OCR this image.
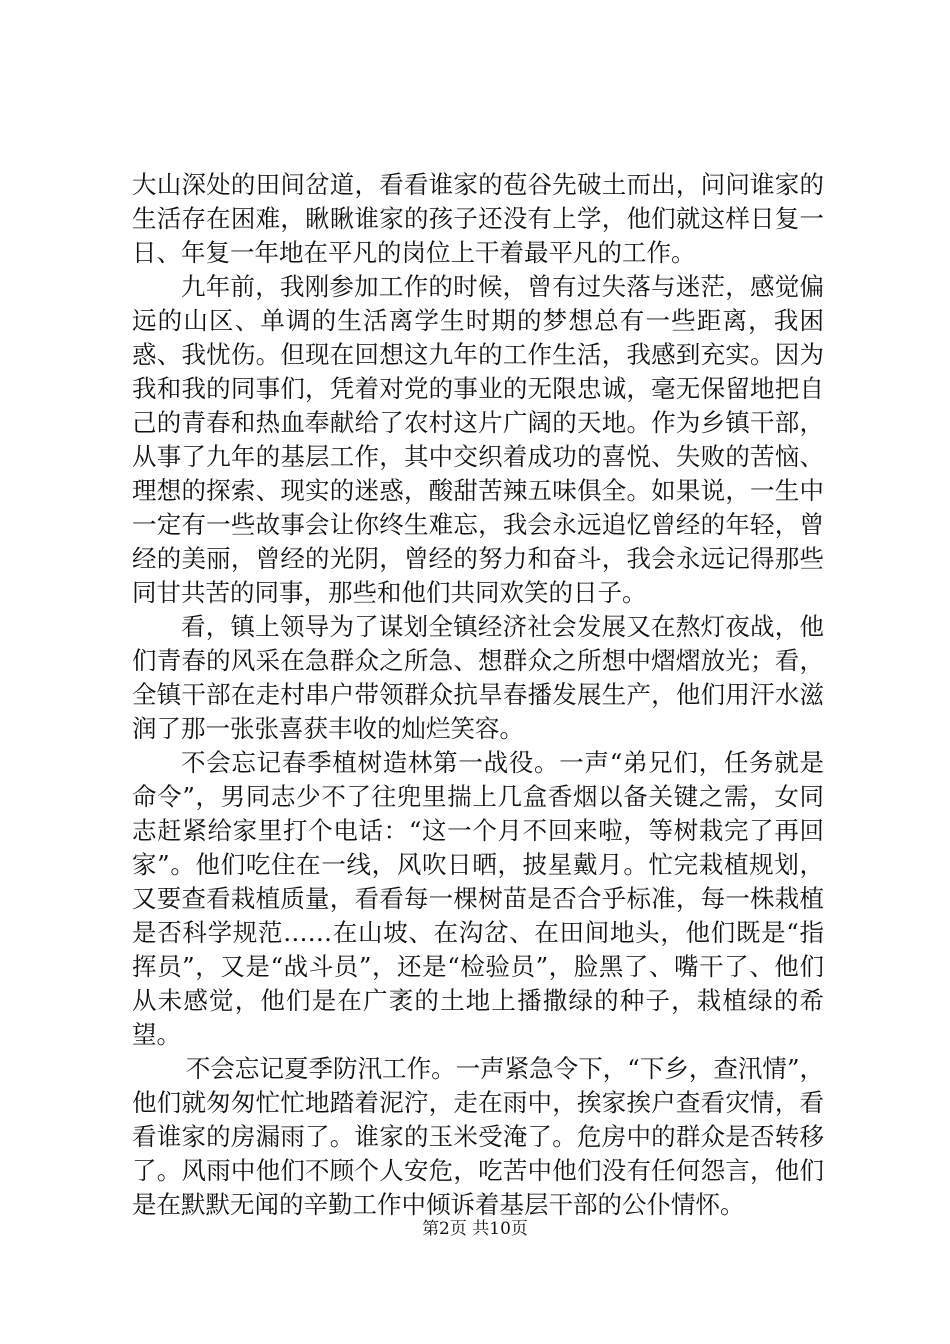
大山深处的田间岔道，看看谁家的苞谷先破土而出，问问谁家的生活存在困难，瞅瞅谁家的孩子还没有上学，他们就这样日复一日、年复一年地在平凡的岗位上干着最平凡的工作。

九年前，我刚参加工作的时候，曾有过失落与迷茫，感觉偏远的山区、单调的生活离学生时期的梦想总有一些距离，我困惑、我忧伤。但现在回想这九年的工作生活，我感到充实。因为我和我的同事们，凭着对党的事业的无限忠诚，毫无保留地把自己的青春和热血奉献给了农村这片广阔的天地。作为乡镇干部，从事了九年的基层工作，其中交织着成功的喜悦、失败的苦恼、理想的探索、现实的迷惑，酸甜苦辣五味俱全。如果说，一生中一定有一些故事会让你终生难忘，我会永远追忆曾经的年轻，曾经的美丽，曾经的光阴，曾经的努力和奋斗，我会永远记得那些同甘共苦的同事，那些和他们共同欢笑的日子。

看，镇上领导为了谋划全镇经济社会发展又在熬灯夜战，他们青春的风采在急群众之所急、想群众之所想中熠熠放光；看，全镇干部在走村串户带领群众抗旱春播发展生产，他们用汗水滋润了那一张张喜获丰收的灿烂笑容。

不会忘记春季植树造林第一战役。一声“弟兄们，任务就是命令”，男同志少不了往兜里揣上几盒香烟以备关键之需，女同志赶紧给家里打个电话：“这一个月不回来啦，等树栽完了再回家”。他们吃住在一线，风吹日晒，披星戴月。忙完栽植规划，又要查看栽植质量，看看每一棵树苗是否合乎标准，每一株栽植是否科学规范……在山坡、在沟岔、在田间地头，他们既是“指挥员”，又是“战斗员”，还是“检验员”，脸黑了、嘴干了、他们从未感觉，他们是在广袤的土地上播撒绿的种子，栽植绿的希望。

不会忘记夏季防汛工作。一声紧急令下，“下乡，查汛情”，他们就匆匆忙忙地踏着泥泞，走在雨中，挨家挨户查看灾情，看看谁家的房漏雨了。谁家的玉米受淹了。危房中的群众是否转移了。风雨中他们不顾个人安危，吃苦中他们没有任何怨言，他们是在默默无闻的辛勤工作中倾诉着基层干部的公仆情怀。

第2页 共10页
